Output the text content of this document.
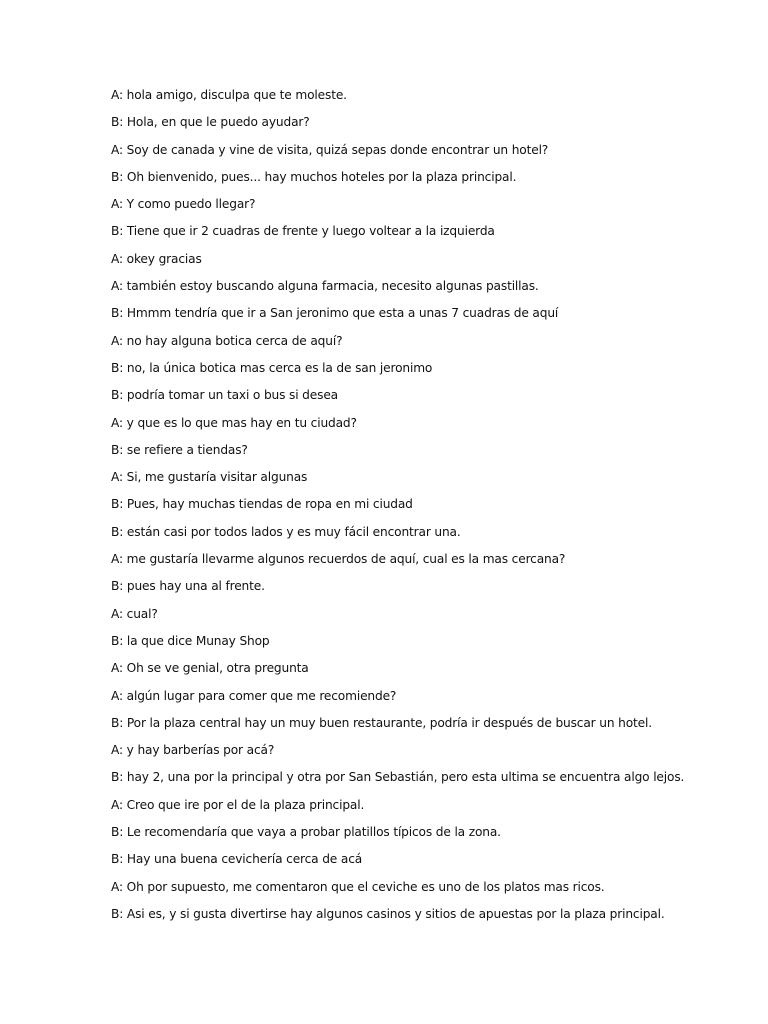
A: hola amigo, disculpa que te moleste.
B: Hola, en que le puedo ayudar?
A: Soy de canada y vine de visita, quizá sepas donde encontrar un hotel?
B: Oh bienvenido, pues... hay muchos hoteles por la plaza principal.
A: Y como puedo llegar?
B: Tiene que ir 2 cuadras de frente y luego voltear a la izquierda
A: okey gracias
A: también estoy buscando alguna farmacia, necesito algunas pastillas.
B: Hmmm tendría que ir a San jeronimo que esta a unas 7 cuadras de aquí
A: no hay alguna botica cerca de aquí?
B: no, la única botica mas cerca es la de san jeronimo
B: podría tomar un taxi o bus si desea
A: y que es lo que mas hay en tu ciudad?
B: se refiere a tiendas?
A: Si, me gustaría visitar algunas
B: Pues, hay muchas tiendas de ropa en mi ciudad
B: están casi por todos lados y es muy fácil encontrar una.
A: me gustaría llevarme algunos recuerdos de aquí, cual es la mas cercana?
B: pues hay una al frente.
A: cual?
B: la que dice Munay Shop
A: Oh se ve genial, otra pregunta
A: algún lugar para comer que me recomiende?
B: Por la plaza central hay un muy buen restaurante, podría ir después de buscar un hotel.
A: y hay barberías por acá?
B: hay 2, una por la principal y otra por San Sebastián, pero esta ultima se encuentra algo lejos.
A: Creo que ire por el de la plaza principal.
B: Le recomendaría que vaya a probar platillos típicos de la zona.
B: Hay una buena cevichería cerca de acá
A: Oh por supuesto, me comentaron que el ceviche es uno de los platos mas ricos.
B: Asi es, y si gusta divertirse hay algunos casinos y sitios de apuestas por la plaza principal.
